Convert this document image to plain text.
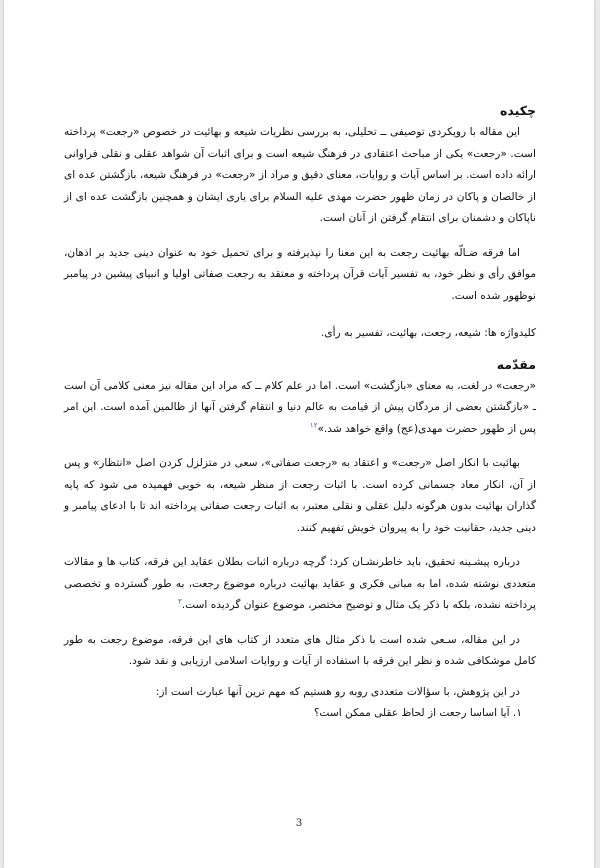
چکیده

این مقاله با رویکردی توصیفی ــ تحلیلی، به بررسی نظریات شیعه و بهائیت در خصوص «رجعت» پرداخته است. «رجعت» یکی از مباحث اعتقادی در فرهنگ شیعه است و برای اثبات آن شواهد عقلی و نقلی فراوانی ارائه داده است. بر اساس آیات و روایات، معنای دقیق و مراد از «رجعت» در فرهنگ شیعه، بازگشتن عده ای از خالصان و پاکان در زمان ظهور حضرت مهدی علیه السلام برای یاری ایشان و همچنین بازگشت عده ای از ناپاکان و دشمنان برای انتقام گرفتن از آنان است.

اما فرقه ضـالّه بهائیت رجعت به این معنا را نپذیرفته و برای تحمیل خود به عنوان دینی جدید بر اذهان، موافق رأی و نظر خود، به تفسیر آیات قرآن پرداخته و معتقد به رجعت صفاتی اولیا و انبیای پیشین در پیامبر نوظهور شده است.

کلیدواژه ها: شیعه، رجعت، بهائیت، تفسیر به رأی.

مقدّمه

«رجعت» در لغت، به معنای «بازگشت» است. اما در علم کلام ــ که مراد این مقاله نیز معنی کلامی آن است ـ «بازگشتن بعضی از مردگان پیش از قیامت به عالم دنیا و انتقام گرفتن آنها از ظالمین آمده است. این امر پس از ظهور حضرت مهدی(عج) واقع خواهد شد.»$^{۱۲}$

بهائیت با انکار اصل «رجعت» و اعتقاد به «رجعت صفاتی»، سعی در متزلزل کردن اصل «انتظار» و پس از آن، انکار معاد جسمانی کرده است. با اثبات رجعت از منظر شیعه، به خوبی فهمیده می شود که پایه گذاران بهائیت بدون هرگونه دلیل عقلی و نقلی معتبر، به اثبات رجعت صفاتی پرداخته اند تا با ادعای پیامبر و دینی جدید، حقانیت خود را به پیروان خویش تفهیم کنند.

درباره پیشـینه تحقیق، باید خاطرنشـان کرد: گرچه درباره اثبات بطلان عقاید این فرقه، کتاب ها و مقالات متعددی نوشته شده، اما به مبانی فکری و عقاید بهائیت درباره موضوع رجعت، به طور گسترده و تخصصی پرداخته نشده، بلکه با ذکر یک مثال و توضیح مختصر، موضوع عنوان گردیده است.$^۳$

در این مقاله، سـعی شده است با ذکر مثال های متعدد از کتاب های این فرقه، موضوع رجعت به طور کامل موشکافی شده و نظر این فرقه با استفاده از آیات و روایات اسلامی ارزیابی و نقد شود.

در این پژوهش، با سؤالات متعددی روبه رو هستیم که مهم ترین آنها عبارت است از:

۱. آیا اساسا رجعت از لحاظ عقلی ممکن است؟

3
